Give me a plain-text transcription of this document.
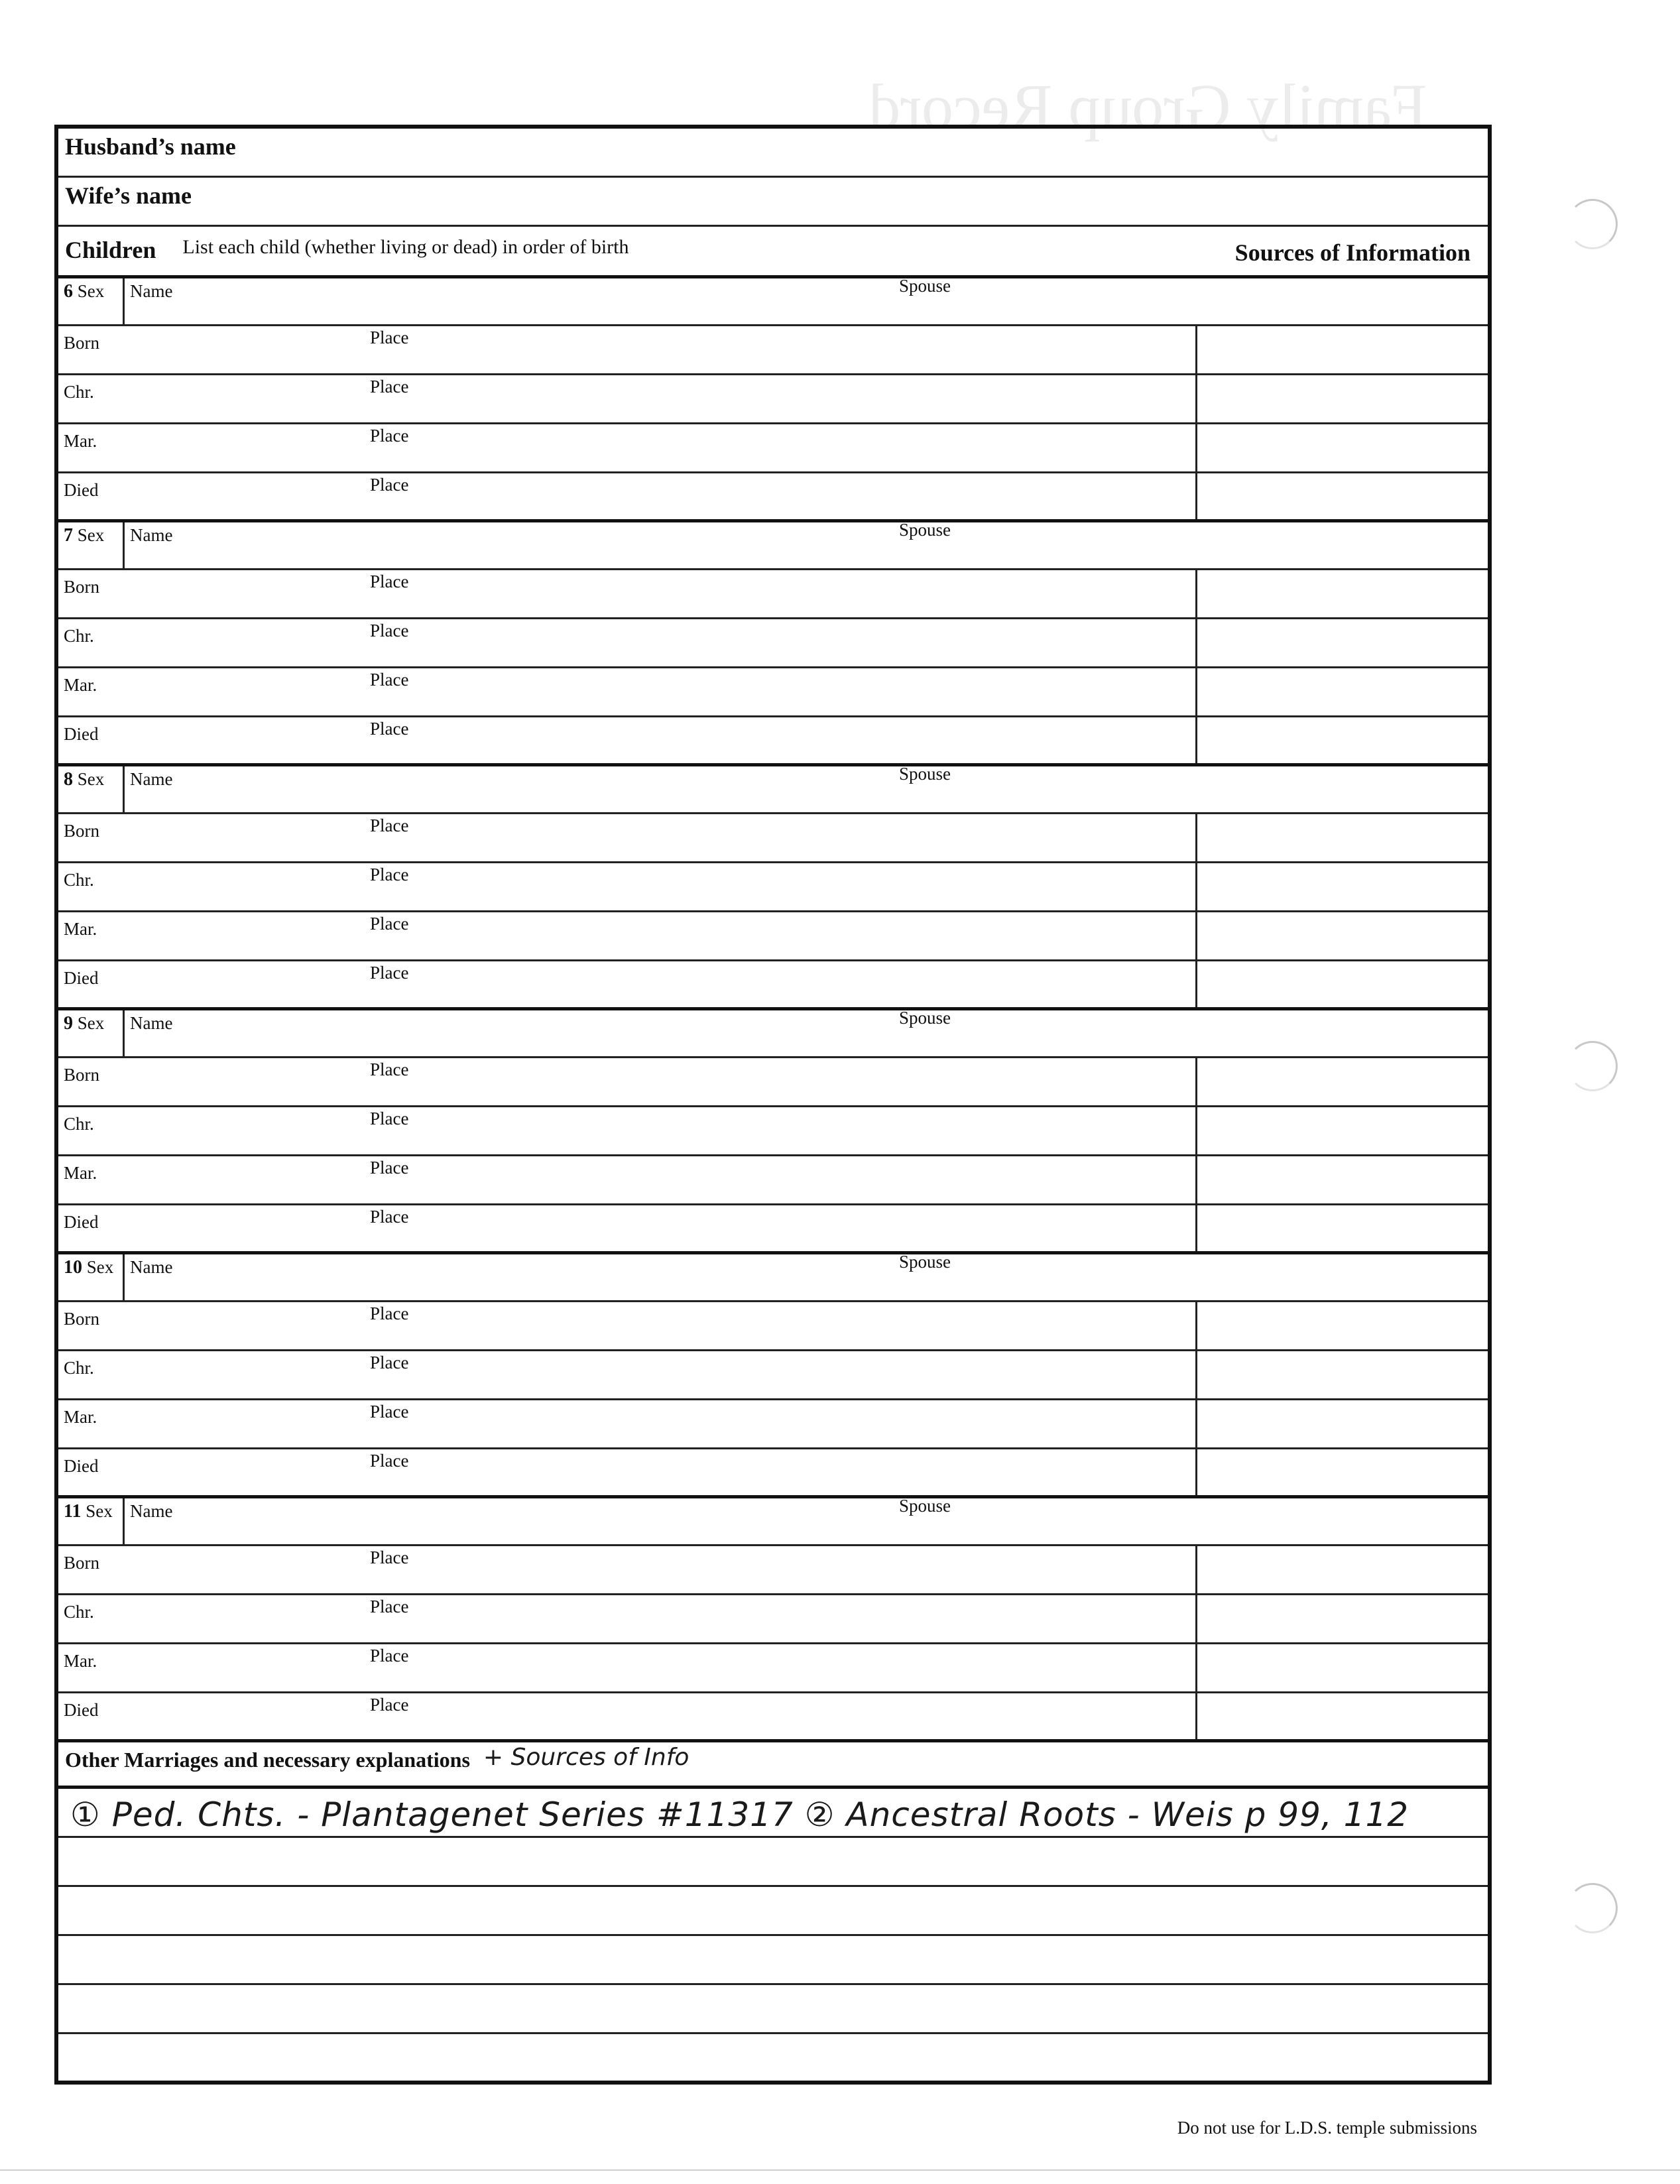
Family Group Record
Husband’s name
Wife’s name
Children List each child (whether living or dead) in order of birth	Sources of Information
6 Sex	Name	Spouse
Born	Place
Chr.	Place
Mar.	Place
Died	Place
7 Sex	Name	Spouse
Born	Place
Chr.	Place
Mar.	Place
Died	Place
8 Sex	Name	Spouse
Born	Place
Chr.	Place
Mar.	Place
Died	Place
9 Sex	Name	Spouse
Born	Place
Chr.	Place
Mar.	Place
Died	Place
10 Sex Name	Spouse
Born	Place
Chr.	Place
Mar.	Place
Died	Place
11 Sex Name	Spouse
Born	Place
Chr.	Place
Mar.	Place
Died	Place
Other Marriages and necessary explanations + Sources of Info
① Ped. Chts. - Plantagenet Series #11317 ② Ancestral Roots - Weis p 99, 112
Do not use for L.D.S. temple submissions
